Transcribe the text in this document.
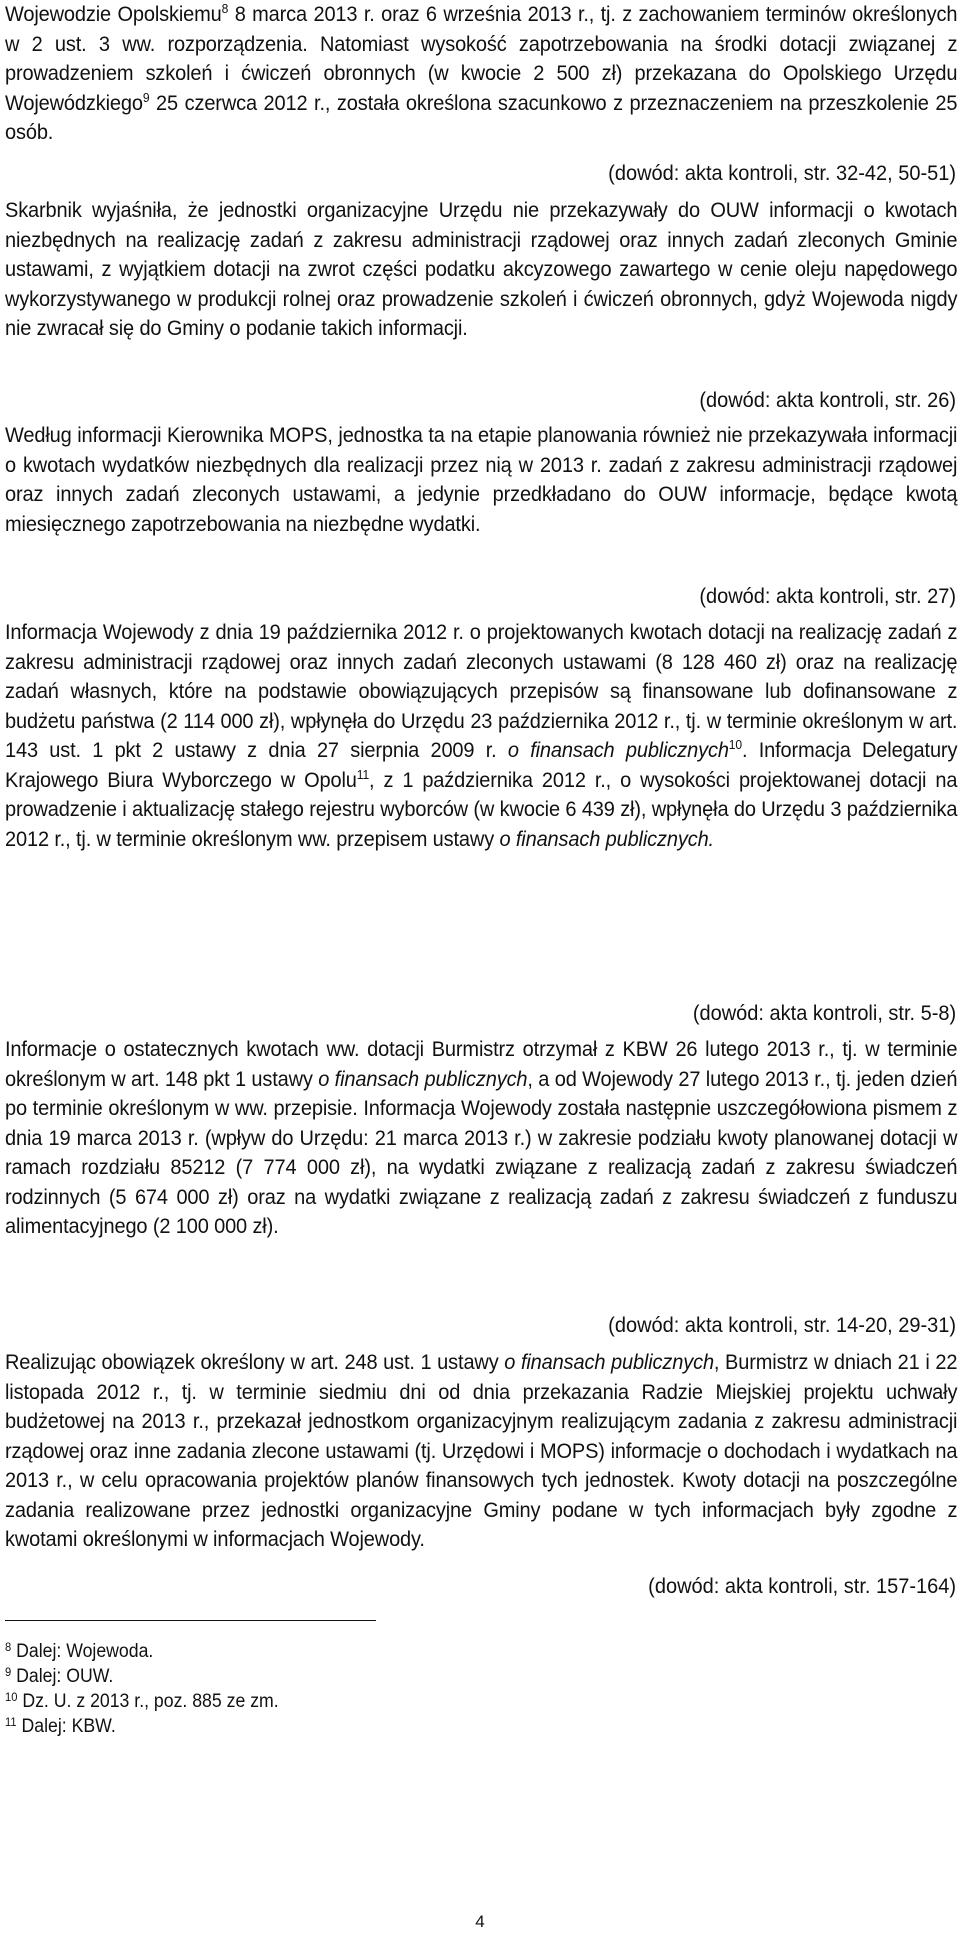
Wojewodzie Opolskiemu$^8$ 8 marca 2013 r. oraz 6 września 2013 r., tj. z zachowaniem terminów określonych w 2 ust. 3 ww. rozporządzenia. Natomiast wysokość zapotrzebowania na środki dotacji związanej z prowadzeniem szkoleń i ćwiczeń obronnych (w kwocie 2 500 zł) przekazana do Opolskiego Urzędu Wojewódzkiego$^9$ 25 czerwca 2012 r., została określona szacunkowo z przeznaczeniem na przeszkolenie 25 osób.
(dowód: akta kontroli, str. 32-42, 50-51)
Skarbnik wyjaśniła, że jednostki organizacyjne Urzędu nie przekazywały do OUW informacji o kwotach niezbędnych na realizację zadań z zakresu administracji rządowej oraz innych zadań zleconych Gminie ustawami, z wyjątkiem dotacji na zwrot części podatku akcyzowego zawartego w cenie oleju napędowego wykorzystywanego w produkcji rolnej oraz prowadzenie szkoleń i ćwiczeń obronnych, gdyż Wojewoda nigdy nie zwracał się do Gminy o podanie takich informacji.
(dowód: akta kontroli, str. 26)
Według informacji Kierownika MOPS, jednostka ta na etapie planowania również nie przekazywała informacji o kwotach wydatków niezbędnych dla realizacji przez nią w 2013 r. zadań z zakresu administracji rządowej oraz innych zadań zleconych ustawami, a jedynie przedkładano do OUW informacje, będące kwotą miesięcznego zapotrzebowania na niezbędne wydatki.
(dowód: akta kontroli, str. 27)
Informacja Wojewody z dnia 19 października 2012 r. o projektowanych kwotach dotacji na realizację zadań z zakresu administracji rządowej oraz innych zadań zleconych ustawami (8 128 460 zł) oraz na realizację zadań własnych, które na podstawie obowiązujących przepisów są finansowane lub dofinansowane z budżetu państwa (2 114 000 zł), wpłynęła do Urzędu 23 października 2012 r., tj. w terminie określonym w art. 143 ust. 1 pkt 2 ustawy z dnia 27 sierpnia 2009 r. o finansach publicznych$^{10}$. Informacja Delegatury Krajowego Biura Wyborczego w Opolu$^{11}$, z 1 października 2012 r., o wysokości projektowanej dotacji na prowadzenie i aktualizację stałego rejestru wyborców (w kwocie 6 439 zł), wpłynęła do Urzędu 3 października 2012 r., tj. w terminie określonym ww. przepisem ustawy o finansach publicznych.
(dowód: akta kontroli, str. 5-8)
Informacje o ostatecznych kwotach ww. dotacji Burmistrz otrzymał z KBW 26 lutego 2013 r., tj. w terminie określonym w art. 148 pkt 1 ustawy o finansach publicznych, a od Wojewody 27 lutego 2013 r., tj. jeden dzień po terminie określonym w ww. przepisie. Informacja Wojewody została następnie uszczegółowiona pismem z dnia 19 marca 2013 r. (wpływ do Urzędu: 21 marca 2013 r.) w zakresie podziału kwoty planowanej dotacji w ramach rozdziału 85212 (7 774 000 zł), na wydatki związane z realizacją zadań z zakresu świadczeń rodzinnych (5 674 000 zł) oraz na wydatki związane z realizacją zadań z zakresu świadczeń z funduszu alimentacyjnego (2 100 000 zł).
(dowód: akta kontroli, str. 14-20, 29-31)
Realizując obowiązek określony w art. 248 ust. 1 ustawy o finansach publicznych, Burmistrz w dniach 21 i 22 listopada 2012 r., tj. w terminie siedmiu dni od dnia przekazania Radzie Miejskiej projektu uchwały budżetowej na 2013 r., przekazał jednostkom organizacyjnym realizującym zadania z zakresu administracji rządowej oraz inne zadania zlecone ustawami (tj. Urzędowi i MOPS) informacje o dochodach i wydatkach na 2013 r., w celu opracowania projektów planów finansowych tych jednostek. Kwoty dotacji na poszczególne zadania realizowane przez jednostki organizacyjne Gminy podane w tych informacjach były zgodne z kwotami określonymi w informacjach Wojewody.
(dowód: akta kontroli, str. 157-164)
$^8$ Dalej: Wojewoda.
$^9$ Dalej: OUW.
$^{10}$ Dz. U. z 2013 r., poz. 885 ze zm.
$^{11}$ Dalej: KBW.
4
